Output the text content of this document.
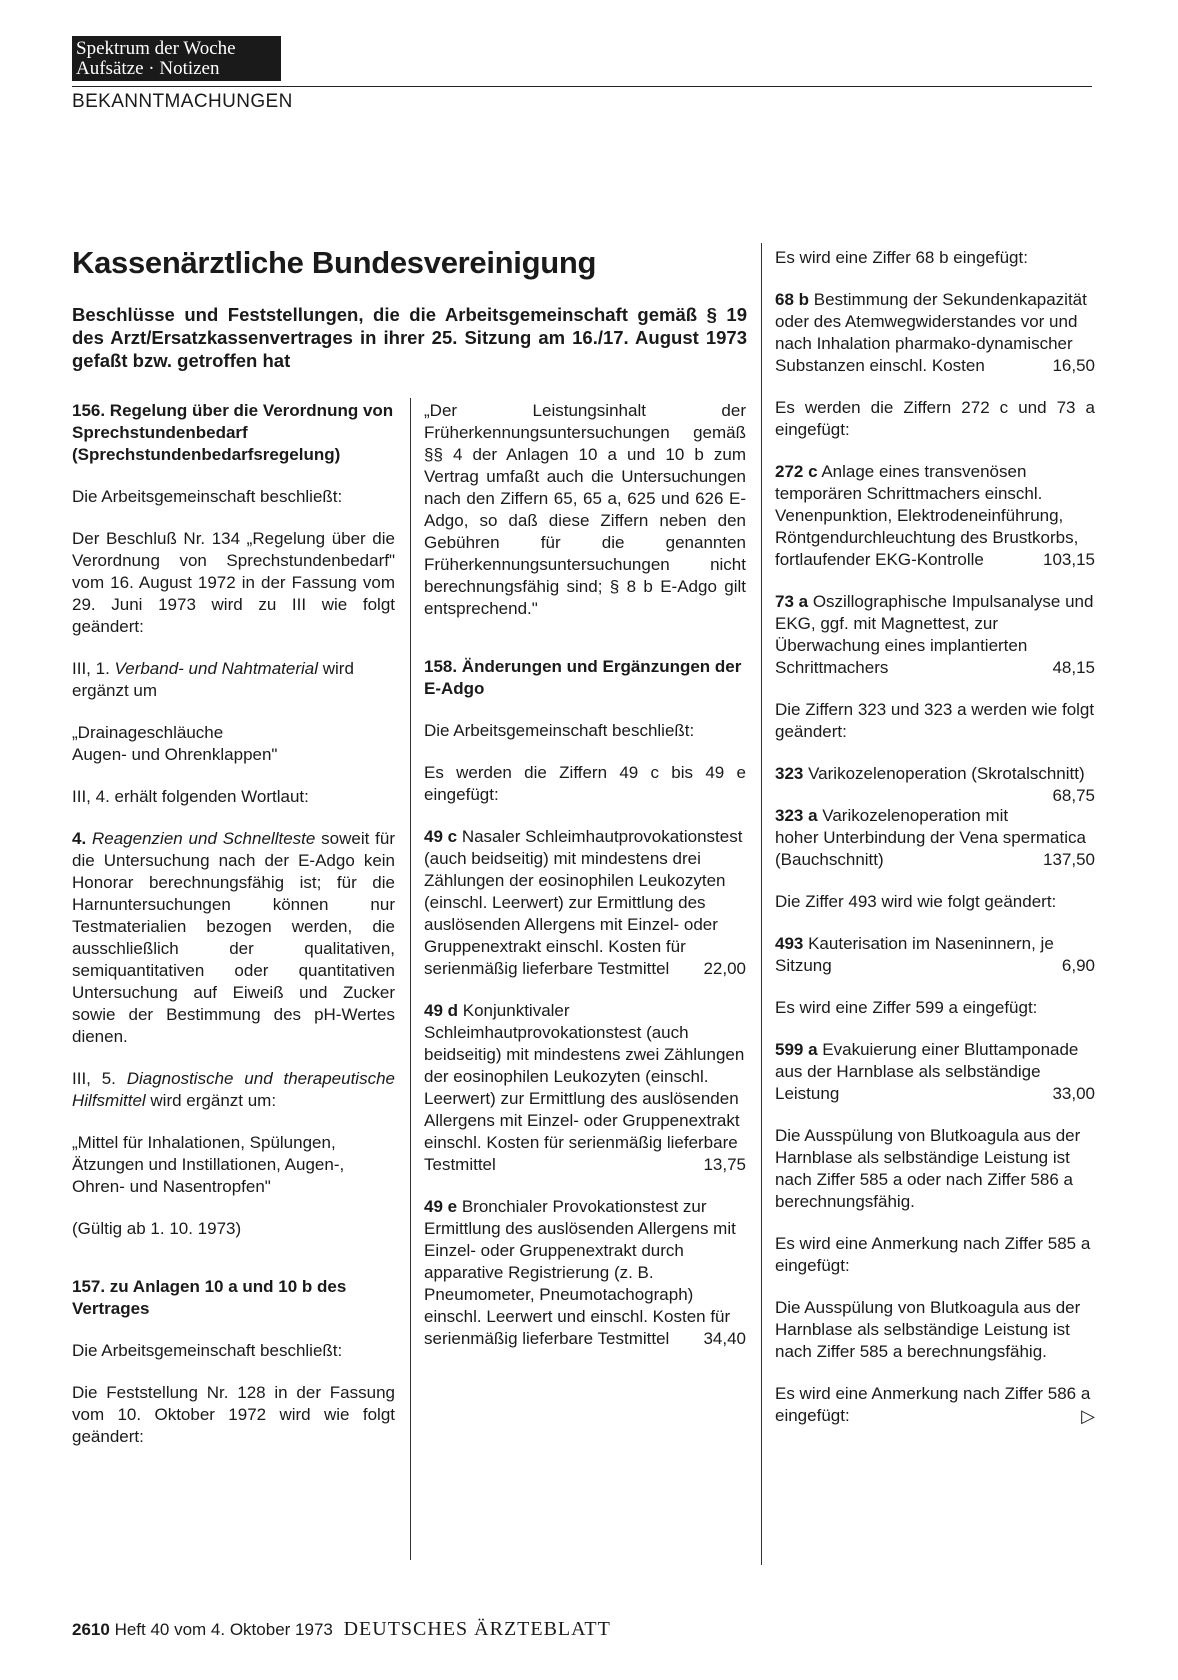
Spektrum der Woche
Aufsätze · Notizen
BEKANNTMACHUNGEN
Kassenärztliche Bundesvereinigung
Beschlüsse und Feststellungen, die die Arbeitsgemeinschaft gemäß § 19 des Arzt/Ersatzkassenvertrages in ihrer 25. Sitzung am 16./17. August 1973 gefaßt bzw. getroffen hat

156. Regelung über die Verordnung von Sprechstundenbedarf (Sprechstundenbedarfsregelung)

Die Arbeitsgemeinschaft beschließt:

Der Beschluß Nr. 134 „Regelung über die Verordnung von Sprechstundenbedarf" vom 16. August 1972 in der Fassung vom 29. Juni 1973 wird zu III wie folgt geändert:

III, 1. Verband- und Nahtmaterial wird ergänzt um

„Drainageschläuche
Augen- und Ohrenklappen"

III, 4. erhält folgenden Wortlaut:

4. Reagenzien und Schnellteste soweit für die Untersuchung nach der E-Adgo kein Honorar berechnungsfähig ist; für die Harnuntersuchungen können nur Testmaterialien bezogen werden, die ausschließlich der qualitativen, semiquantitativen oder quantitativen Untersuchung auf Eiweiß und Zucker sowie der Bestimmung des pH-Wertes dienen.

III, 5. Diagnostische und therapeutische Hilfsmittel wird ergänzt um:

„Mittel für Inhalationen, Spülungen, Ätzungen und Instillationen, Augen-, Ohren- und Nasentropfen"

(Gültig ab 1. 10. 1973)

157. zu Anlagen 10 a und 10 b des Vertrages

Die Arbeitsgemeinschaft beschließt:

Die Feststellung Nr. 128 in der Fassung vom 10. Oktober 1972 wird wie folgt geändert:

„Der Leistungsinhalt der Früherkennungsuntersuchungen gemäß §§ 4 der Anlagen 10 a und 10 b zum Vertrag umfaßt auch die Untersuchungen nach den Ziffern 65, 65 a, 625 und 626 E-Adgo, so daß diese Ziffern neben den Gebühren für die genannten Früherkennungsuntersuchungen nicht berechnungsfähig sind; § 8 b E-Adgo gilt entsprechend."

158. Änderungen und Ergänzungen der E-Adgo

Die Arbeitsgemeinschaft beschließt:

Es werden die Ziffern 49 c bis 49 e eingefügt:

49 c Nasaler Schleimhautprovokationstest (auch beidseitig) mit mindestens drei Zählungen der eosinophilen Leukozyten (einschl. Leerwert) zur Ermittlung des auslösenden Allergens mit Einzel- oder Gruppenextrakt einschl. Kosten für serienmäßig lieferbare Testmittel 22,00

49 d Konjunktivaler Schleimhautprovokationstest (auch beidseitig) mit mindestens zwei Zählungen der eosinophilen Leukozyten (einschl. Leerwert) zur Ermittlung des auslösenden Allergens mit Einzel- oder Gruppenextrakt einschl. Kosten für serienmäßig lieferbare Testmittel	13,75

49 e Bronchialer Provokationstest zur Ermittlung des auslösenden Allergens mit Einzel- oder Gruppenextrakt durch apparative Registrierung (z. B. Pneumometer, Pneumotachograph) einschl. Leerwert und einschl. Kosten für serienmäßig lieferbare Testmittel 34,40

Es wird eine Ziffer 68 b eingefügt:

68 b Bestimmung der Sekundenkapazität oder des Atemwegwiderstandes vor und nach Inhalation pharmako-dynamischer Substanzen einschl. Kosten	16,50

Es werden die Ziffern 272 c und 73 a eingefügt:

272 c Anlage eines transvenösen temporären Schrittmachers einschl. Venenpunktion, Elektrodeneinführung, Röntgendurchleuchtung des Brustkorbs, fortlaufender EKG-Kontrolle	103,15

73 a Oszillographische Impulsanalyse und EKG, ggf. mit Magnettest, zur Überwachung eines implantierten Schrittmachers	48,15

Die Ziffern 323 und 323 a werden wie folgt geändert:

323 Varikozelenoperation (Skrotalschnitt)
68,75

323 a Varikozelenoperation mit hoher Unterbindung der Vena spermatica (Bauchschnitt)	137,50

Die Ziffer 493 wird wie folgt geändert:

493 Kauterisation im Naseninnern, je Sitzung	6,90

Es wird eine Ziffer 599 a eingefügt:

599 a Evakuierung einer Bluttamponade aus der Harnblase als selbständige Leistung	33,00

Die Ausspülung von Blutkoagula aus der Harnblase als selbständige Leistung ist nach Ziffer 585 a oder nach Ziffer 586 a berechnungsfähig.

Es wird eine Anmerkung nach Ziffer 585 a eingefügt:

Die Ausspülung von Blutkoagula aus der Harnblase als selbständige Leistung ist nach Ziffer 585 a berechnungsfähig.

Es wird eine Anmerkung nach Ziffer 586 a eingefügt:	▷

2610 Heft 40 vom 4. Oktober 1973 DEUTSCHES ÄRZTEBLATT
